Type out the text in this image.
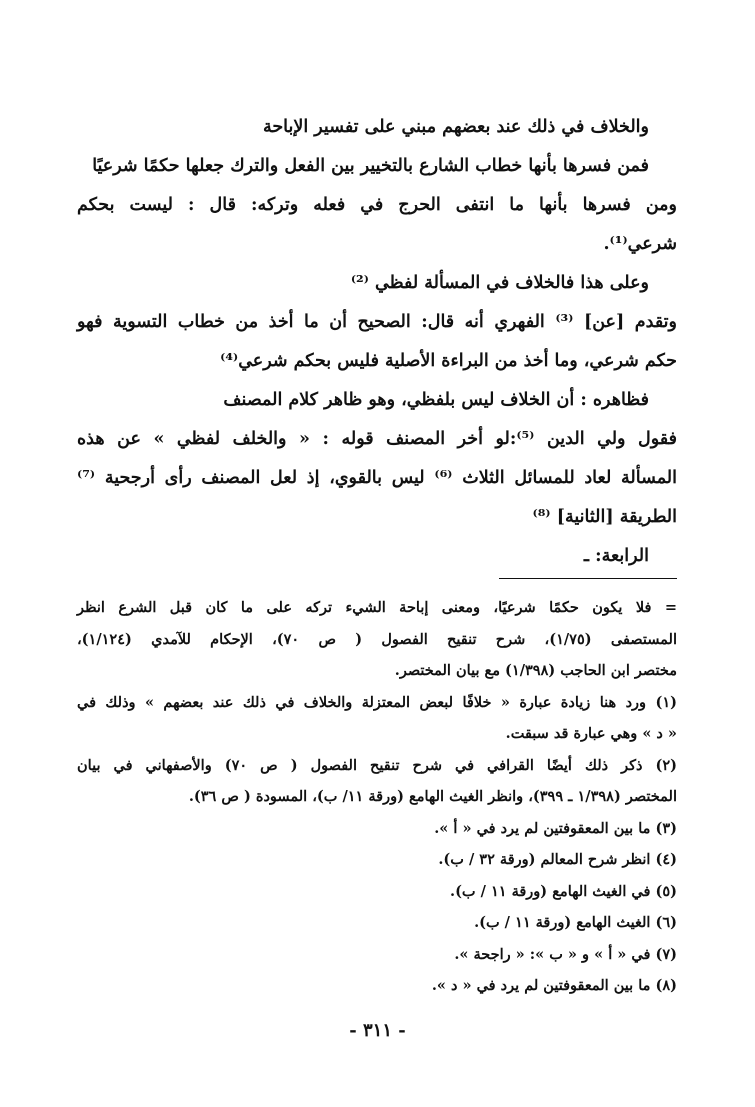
والخلاف في ذلك عند بعضهم مبني على تفسير الإباحة

فمن فسرها بأنها خطاب الشارع بالتخيير بين الفعل والترك جعلها حكمًا شرعيًا

ومن فسرها بأنها ما انتفى الحرج في فعله وتركه: قال : ليست بحكم

شرعي⁽¹⁾.

وعلى هذا فالخلاف في المسألة لفظي ⁽²⁾

وتقدم [عن] ⁽³⁾ الفهري أنه قال: الصحيح أن ما أخذ من خطاب التسوية فهو

حكم شرعي، وما أخذ من البراءة الأصلية فليس بحكم شرعي⁽⁴⁾

فظاهره : أن الخلاف ليس بلفظي، وهو ظاهر كلام المصنف

فقول ولي الدين ⁽⁵⁾:لو أخر المصنف قوله : « والخلف لفظي » عن هذه

المسألة لعاد للمسائل الثلاث ⁽⁶⁾ ليس بالقوي، إذ لعل المصنف رأى أرجحية ⁽⁷⁾

الطريقة [الثانية] ⁽⁸⁾

الرابعة: ـ

= فلا يكون حكمًا شرعيًا، ومعنى إباحة الشيء تركه على ما كان قبل الشرع انظر

المستصفى (١/٧٥)، شرح تنقيح الفصول ( ص ٧٠)، الإحكام للآمدي (١/١٢٤)،

مختصر ابن الحاجب (١/٣٩٨) مع بيان المختصر.

(١) ورد هنا زيادة عبارة « خلافًا لبعض المعتزلة والخلاف في ذلك عند بعضهم » وذلك في

« د » وهي عبارة قد سبقت.

(٢) ذكر ذلك أيضًا القرافي في شرح تنقيح الفصول ( ص ٧٠) والأصفهاني في بيان

المختصر (١/٣٩٨ ـ ٣٩٩)، وانظر الغيث الهامع (ورقة ١١/ ب)، المسودة ( ص ٣٦).

(٣) ما بين المعقوفتين لم يرد في « أ ».

(٤) انظر شرح المعالم (ورقة ٣٢ / ب).

(٥) في الغيث الهامع (ورقة ١١ / ب).

(٦) الغيث الهامع (ورقة ١١ / ب).

(٧) في « أ » و « ب »: « راجحة ».

(٨) ما بين المعقوفتين لم يرد في « د ».

- ٣١١ -
